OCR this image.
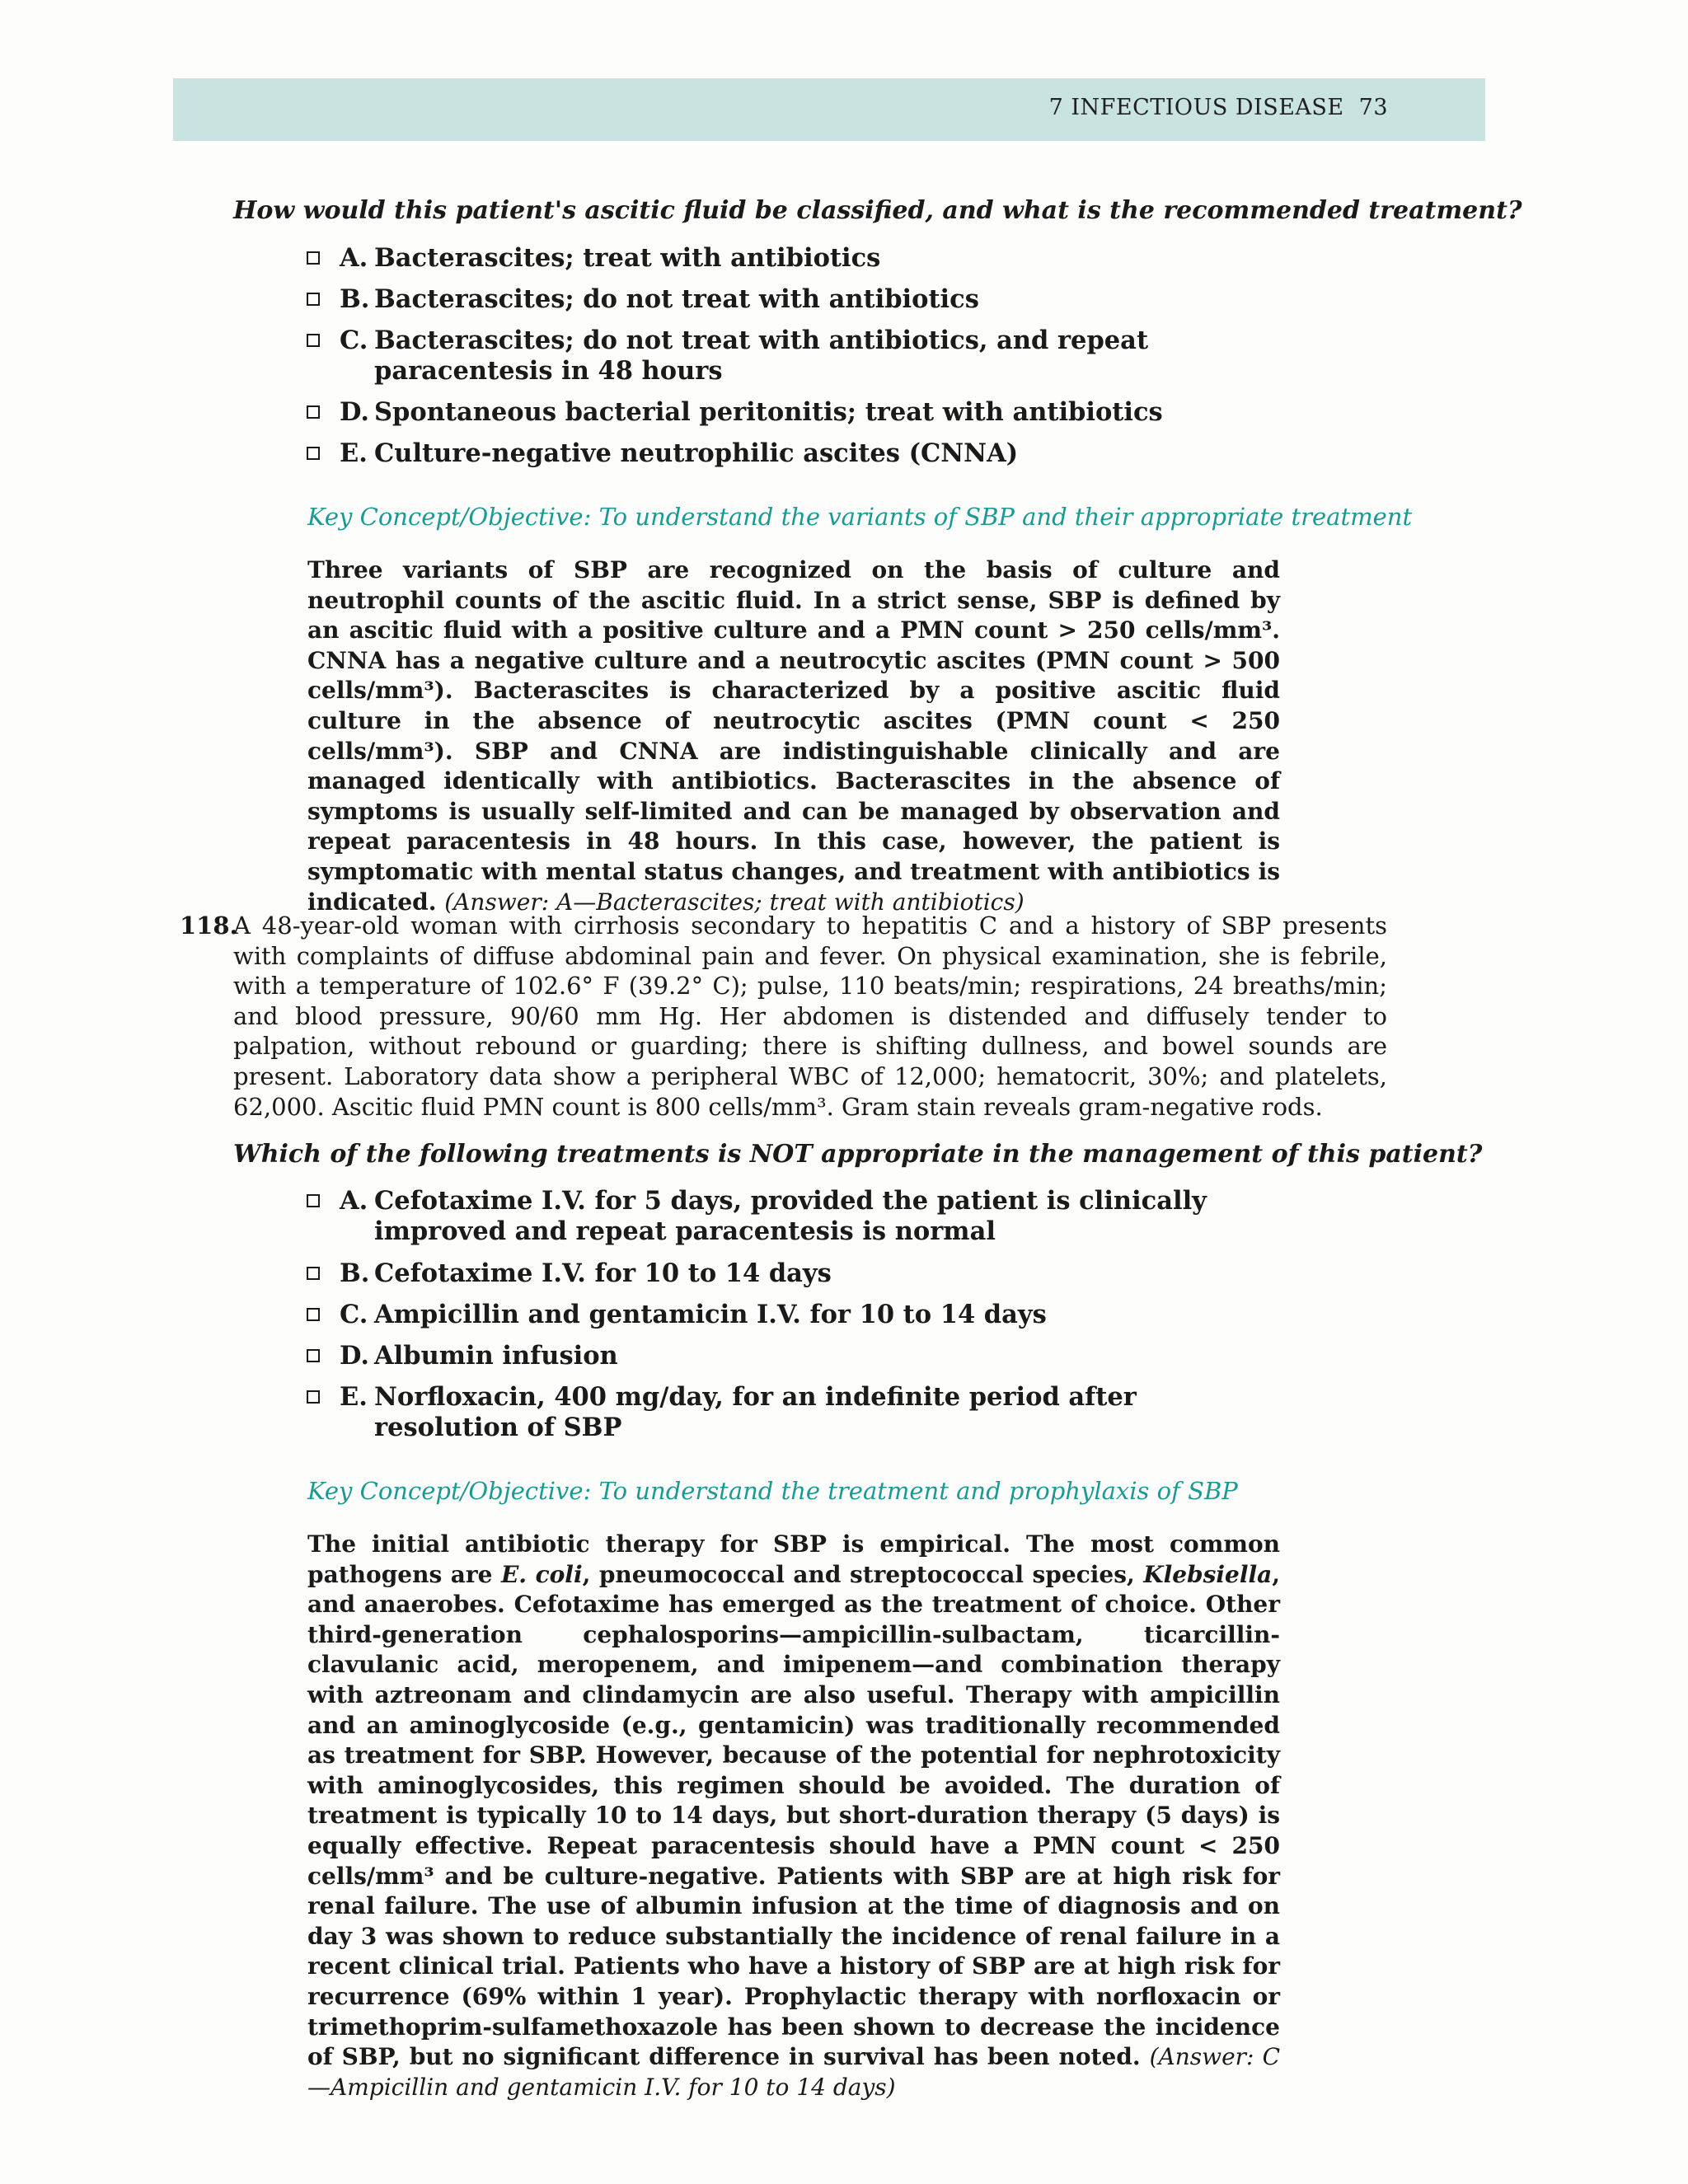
7 INFECTIOUS DISEASE 73
How would this patient's ascitic fluid be classified, and what is the recommended treatment?
A. Bacterascites; treat with antibiotics
B. Bacterascites; do not treat with antibiotics
C. Bacterascites; do not treat with antibiotics, and repeat paracentesis in 48 hours
D. Spontaneous bacterial peritonitis; treat with antibiotics
E. Culture-negative neutrophilic ascites (CNNA)
Key Concept/Objective: To understand the variants of SBP and their appropriate treatment
Three variants of SBP are recognized on the basis of culture and neutrophil counts of the ascitic fluid. In a strict sense, SBP is defined by an ascitic fluid with a positive culture and a PMN count > 250 cells/mm³. CNNA has a negative culture and a neutrocytic ascites (PMN count > 500 cells/mm³). Bacterascites is characterized by a positive ascitic fluid culture in the absence of neutrocytic ascites (PMN count < 250 cells/mm³). SBP and CNNA are indistinguishable clinically and are managed identically with antibiotics. Bacterascites in the absence of symptoms is usually self-limited and can be managed by observation and repeat paracentesis in 48 hours. In this case, however, the patient is symptomatic with mental status changes, and treatment with antibiotics is indicated. (Answer: A—Bacterascites; treat with antibiotics)
118.
A 48-year-old woman with cirrhosis secondary to hepatitis C and a history of SBP presents with complaints of diffuse abdominal pain and fever. On physical examination, she is febrile, with a temperature of 102.6° F (39.2° C); pulse, 110 beats/min; respirations, 24 breaths/min; and blood pressure, 90/60 mm Hg. Her abdomen is distended and diffusely tender to palpation, without rebound or guarding; there is shifting dullness, and bowel sounds are present. Laboratory data show a peripheral WBC of 12,000; hematocrit, 30%; and platelets, 62,000. Ascitic fluid PMN count is 800 cells/mm³. Gram stain reveals gram-negative rods.
Which of the following treatments is NOT appropriate in the management of this patient?
A. Cefotaxime I.V. for 5 days, provided the patient is clinically improved and repeat paracentesis is normal
B. Cefotaxime I.V. for 10 to 14 days
C. Ampicillin and gentamicin I.V. for 10 to 14 days
D. Albumin infusion
E. Norfloxacin, 400 mg/day, for an indefinite period after resolution of SBP
Key Concept/Objective: To understand the treatment and prophylaxis of SBP
The initial antibiotic therapy for SBP is empirical. The most common pathogens are E. coli, pneumococcal and streptococcal species, Klebsiella, and anaerobes. Cefotaxime has emerged as the treatment of choice. Other third-generation cephalosporins—ampicillin-sulbactam, ticarcillin-clavulanic acid, meropenem, and imipenem—and combination therapy with aztreonam and clindamycin are also useful. Therapy with ampicillin and an aminoglycoside (e.g., gentamicin) was traditionally recommended as treatment for SBP. However, because of the potential for nephrotoxicity with aminoglycosides, this regimen should be avoided. The duration of treatment is typically 10 to 14 days, but short-duration therapy (5 days) is equally effective. Repeat paracentesis should have a PMN count < 250 cells/mm³ and be culture-negative. Patients with SBP are at high risk for renal failure. The use of albumin infusion at the time of diagnosis and on day 3 was shown to reduce substantially the incidence of renal failure in a recent clinical trial. Patients who have a history of SBP are at high risk for recurrence (69% within 1 year). Prophylactic therapy with norfloxacin or trimethoprim-sulfamethoxazole has been shown to decrease the incidence of SBP, but no significant difference in survival has been noted. (Answer: C—Ampicillin and gentamicin I.V. for 10 to 14 days)
